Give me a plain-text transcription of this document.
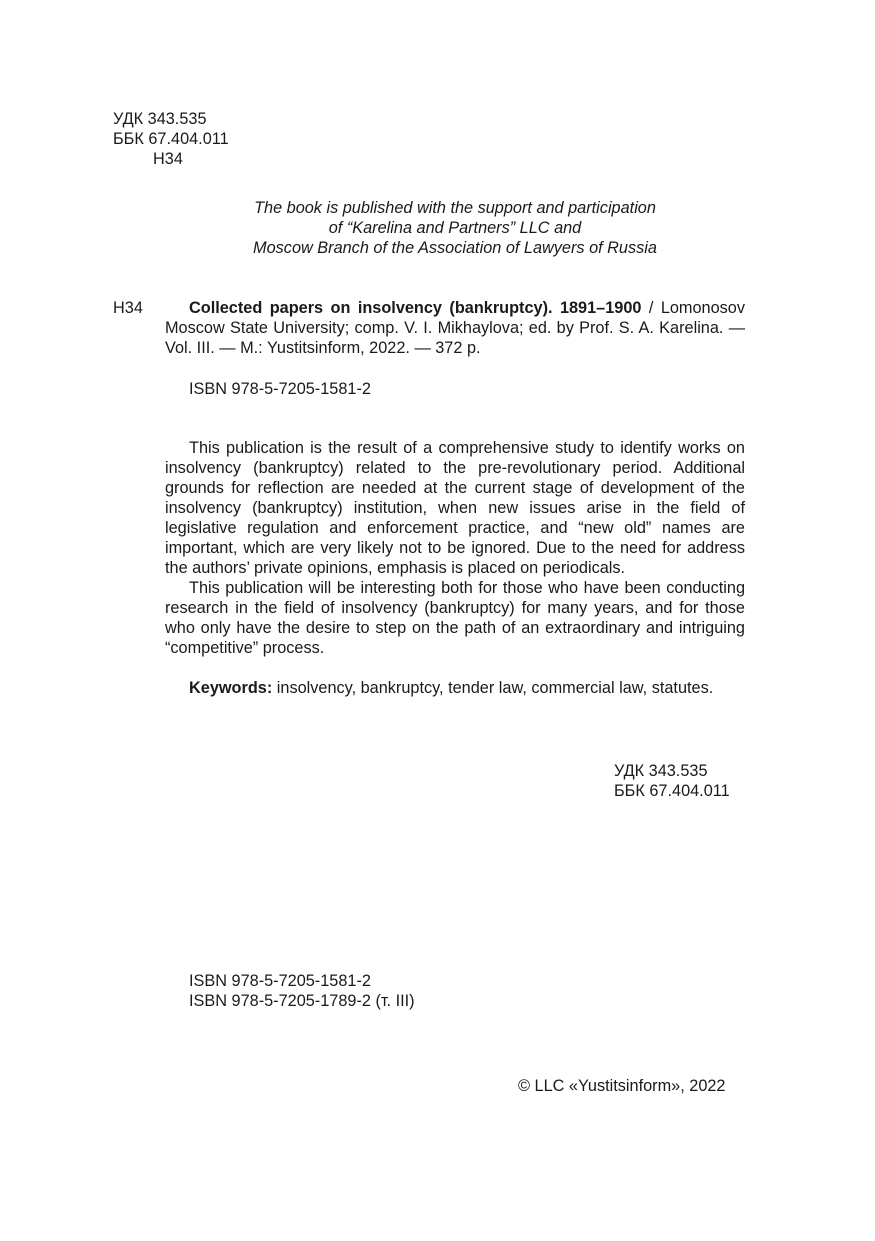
УДК 343.535
ББК 67.404.011
Н34
The book is published with the support and participation
of “Karelina and Partners” LLC and
Moscow Branch of the Association of Lawyers of Russia
Н34	Collected papers on insolvency (bankruptcy). 1891–1900 / Lomonosov Moscow State University; comp. V. I. Mikhaylova; ed. by Prof. S. A. Karelina. — Vol. III. — M.: Yustitsinform, 2022. — 372 p.
ISBN 978-5-7205-1581-2

This publication is the result of a comprehensive study to identify works on insolvency (bankruptcy) related to the pre-revolutionary period. Additional grounds for reflection are needed at the current stage of development of the insolvency (bankruptcy) institution, when new issues arise in the field of legislative regulation and enforcement practice, and “new old” names are important, which are very likely not to be ignored. Due to the need for address the authors’ private opinions, emphasis is placed on periodicals.

This publication will be interesting both for those who have been conducting research in the field of insolvency (bankruptcy) for many years, and for those who only have the desire to step on the path of an extraordinary and intriguing “competitive” process.

Keywords: insolvency, bankruptcy, tender law, commercial law, statutes.
УДК 343.535
ББК 67.404.011
ISBN 978-5-7205-1581-2
ISBN 978-5-7205-1789-2 (т. III)
© LLC «Yustitsinform», 2022
